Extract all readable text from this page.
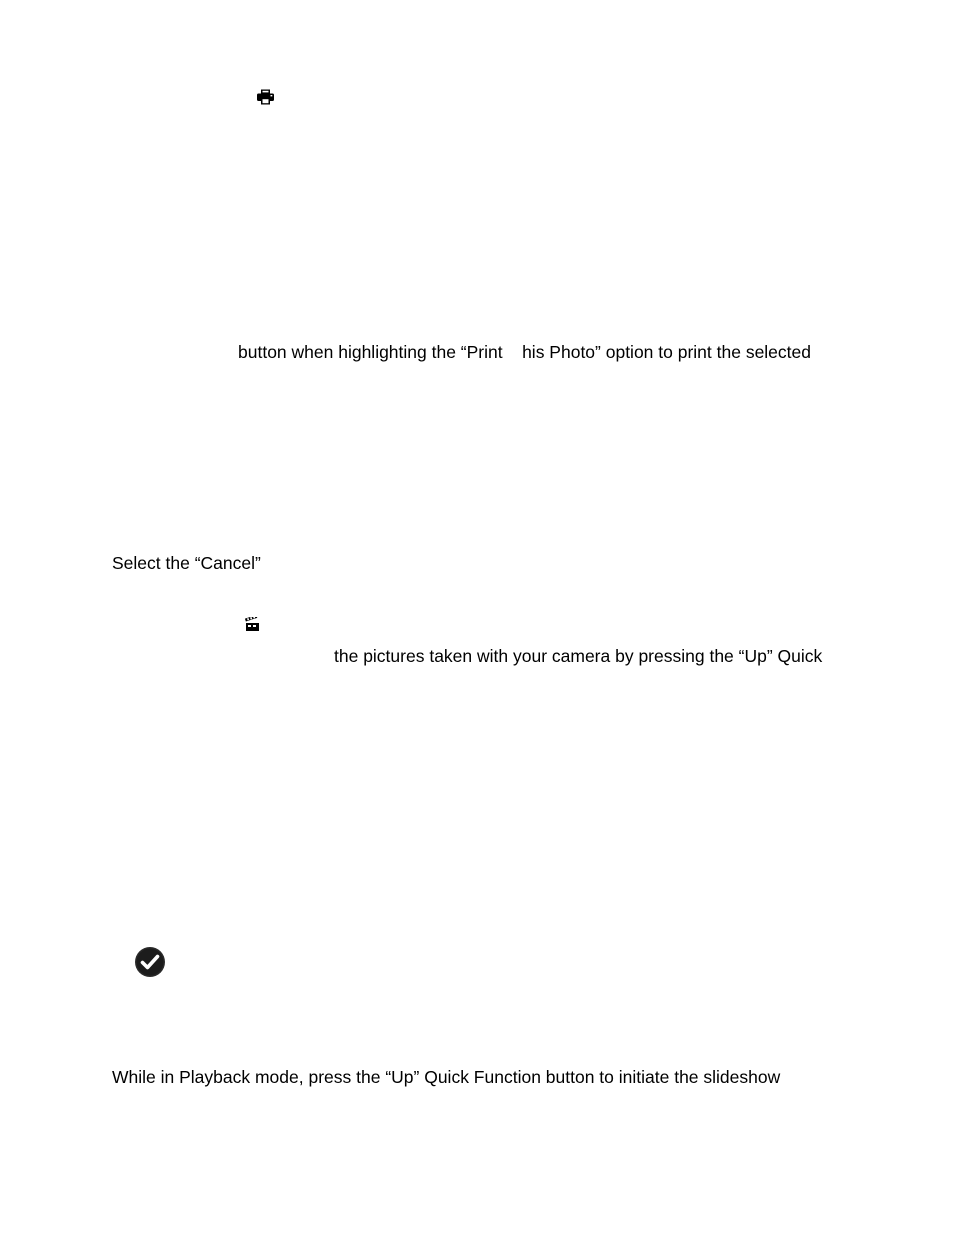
button when highlighting the “Print    his Photo” option to print the selected
Select the “Cancel”
the pictures taken with your camera by pressing the “Up” Quick
While in Playback mode, press the “Up” Quick Function button to initiate the slideshow
